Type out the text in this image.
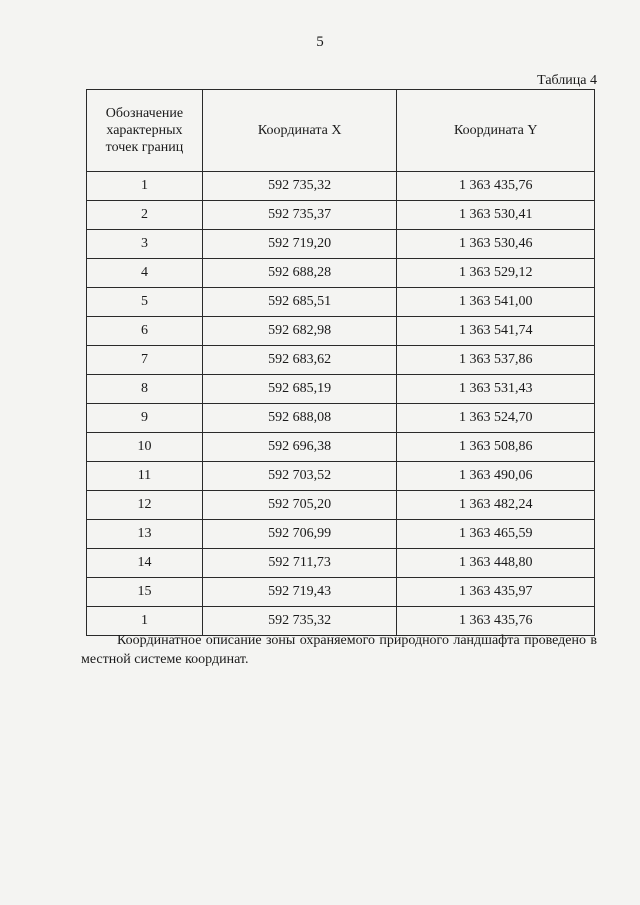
5
Таблица 4
Обозначение характерных точек границ	Координата X	Координата Y
1	592 735,32	1 363 435,76
2	592 735,37	1 363 530,41
3	592 719,20	1 363 530,46
4	592 688,28	1 363 529,12
5	592 685,51	1 363 541,00
6	592 682,98	1 363 541,74
7	592 683,62	1 363 537,86
8	592 685,19	1 363 531,43
9	592 688,08	1 363 524,70
10	592 696,38	1 363 508,86
11	592 703,52	1 363 490,06
12	592 705,20	1 363 482,24
13	592 706,99	1 363 465,59
14	592 711,73	1 363 448,80
15	592 719,43	1 363 435,97
1	592 735,32	1 363 435,76
Координатное описание зоны охраняемого природного ландшафта проведено в местной системе координат.
